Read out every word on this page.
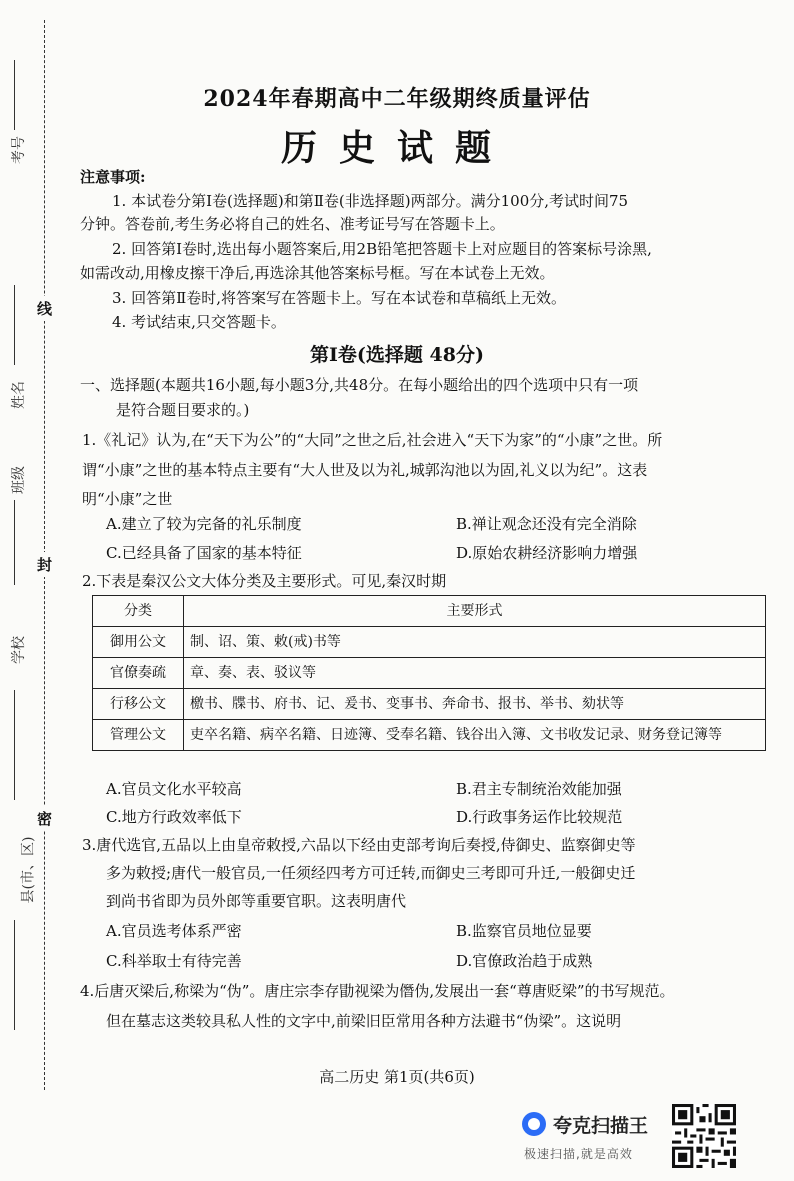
考号
姓名
班级
学校
县(市、区)
线
封
密
2024年春期高中二年级期终质量评估
历史试题
注意事项:
1. 本试卷分第Ⅰ卷(选择题)和第Ⅱ卷(非选择题)两部分。满分100分,考试时间75
分钟。答卷前,考生务必将自己的姓名、准考证号写在答题卡上。
2. 回答第Ⅰ卷时,选出每小题答案后,用2B铅笔把答题卡上对应题目的答案标号涂黑,
如需改动,用橡皮擦干净后,再选涂其他答案标号框。写在本试卷上无效。
3. 回答第Ⅱ卷时,将答案写在答题卡上。写在本试卷和草稿纸上无效。
4. 考试结束,只交答题卡。
第Ⅰ卷(选择题 48分)
一、选择题(本题共16小题,每小题3分,共48分。在每小题给出的四个选项中只有一项
是符合题目要求的。)
1.《礼记》认为,在“天下为公”的“大同”之世之后,社会进入“天下为家”的“小康”之世。所
谓“小康”之世的基本特点主要有“大人世及以为礼,城郭沟池以为固,礼义以为纪”。这表
明“小康”之世
A.建立了较为完备的礼乐制度	B.禅让观念还没有完全消除
C.已经具备了国家的基本特征	D.原始农耕经济影响力增强
2.下表是秦汉公文大体分类及主要形式。可见,秦汉时期
分类	主要形式
御用公文	制、诏、策、敕(戒)书等
官僚奏疏	章、奏、表、驳议等
行移公文	檄书、牒书、府书、记、爰书、变事书、奔命书、报书、举书、劾状等
管理公文	吏卒名籍、病卒名籍、日迹簿、受奉名籍、钱谷出入簿、文书收发记录、财务登记簿等
A.官员文化水平较高	B.君主专制统治效能加强
C.地方行政效率低下	D.行政事务运作比较规范
3.唐代选官,五品以上由皇帝敕授,六品以下经由吏部考询后奏授,侍御史、监察御史等
多为敕授;唐代一般官员,一任须经四考方可迁转,而御史三考即可升迁,一般御史迁
到尚书省即为员外郎等重要官职。这表明唐代
A.官员选考体系严密	B.监察官员地位显要
C.科举取士有待完善	D.官僚政治趋于成熟
4.后唐灭梁后,称梁为“伪”。唐庄宗李存勖视梁为僭伪,发展出一套“尊唐贬梁”的书写规范。
但在墓志这类较具私人性的文字中,前梁旧臣常用各种方法避书“伪梁”。这说明
高二历史 第1页(共6页)
夸克扫描王
极速扫描,就是高效
